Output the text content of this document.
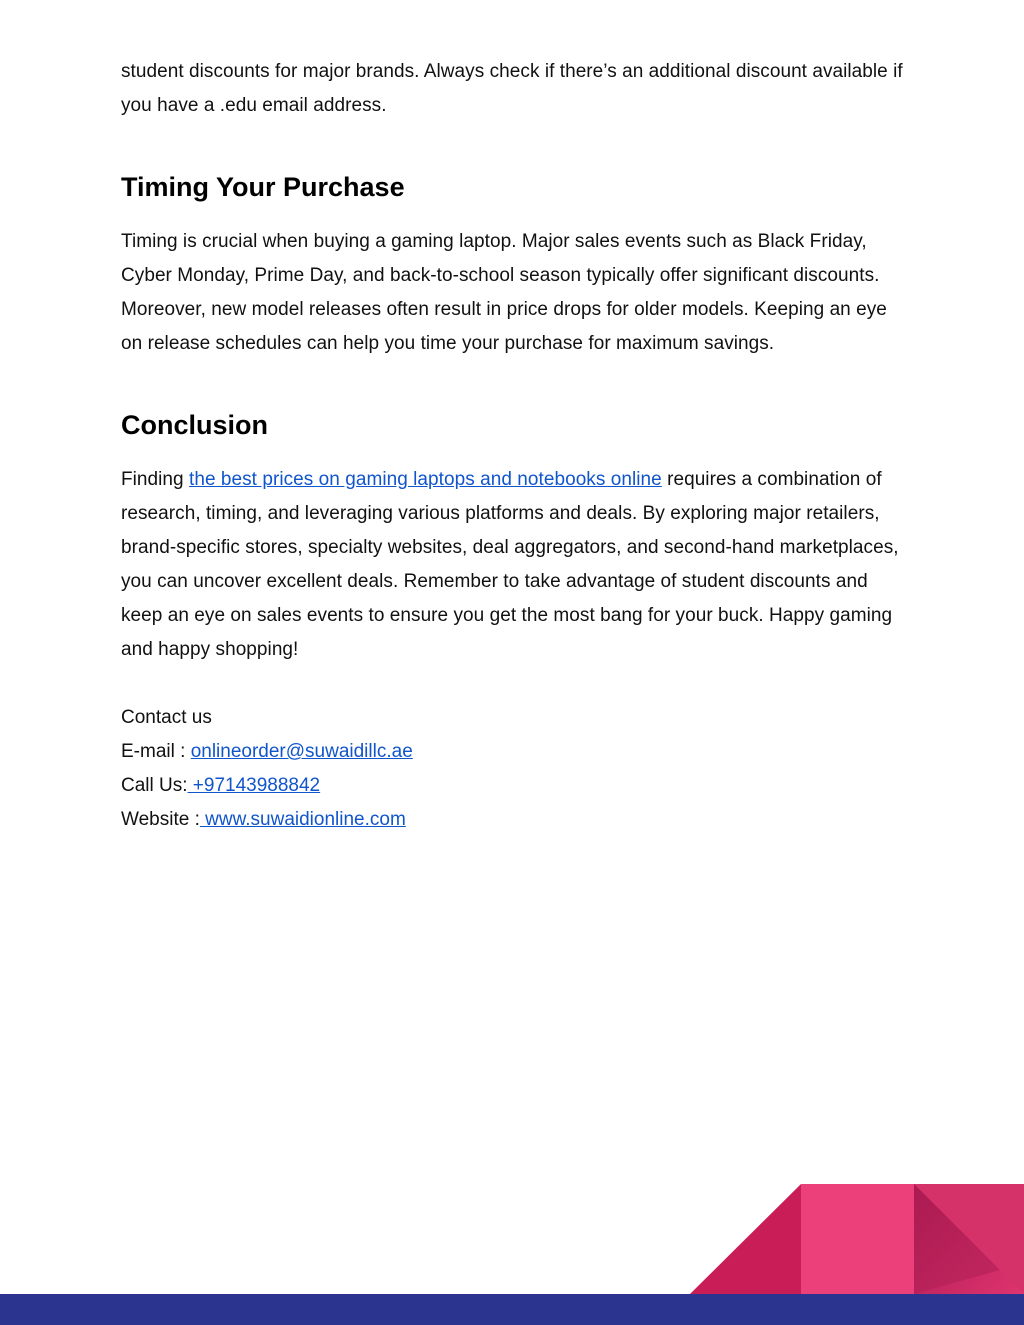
student discounts for major brands. Always check if there’s an additional discount available if you have a .edu email address.

Timing Your Purchase

Timing is crucial when buying a gaming laptop. Major sales events such as Black Friday, Cyber Monday, Prime Day, and back-to-school season typically offer significant discounts. Moreover, new model releases often result in price drops for older models. Keeping an eye on release schedules can help you time your purchase for maximum savings.

Conclusion

Finding the best prices on gaming laptops and notebooks online requires a combination of research, timing, and leveraging various platforms and deals. By exploring major retailers, brand-specific stores, specialty websites, deal aggregators, and second-hand marketplaces, you can uncover excellent deals. Remember to take advantage of student discounts and keep an eye on sales events to ensure you get the most bang for your buck. Happy gaming and happy shopping!

Contact us
E-mail : onlineorder@suwaidillc.ae
Call Us: +97143988842
Website : www.suwaidionline.com
